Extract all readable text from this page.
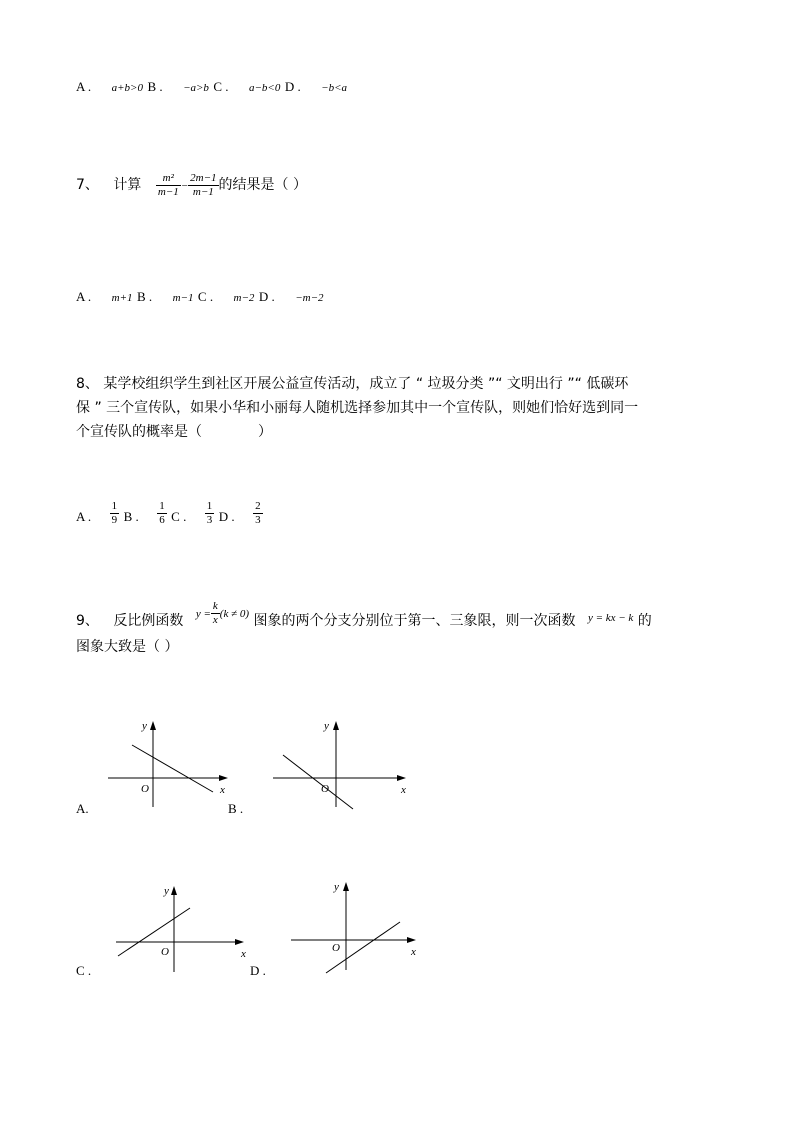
A . a+b>0 B . −a>b C . a−b<0 D . −b<a
7、 计算 $\frac{\text{m²}}{m-1} - \frac{2m-1}{m-1}$ 的结果是（ ）
A . m+1 B . m−1 C . m−2 D . −m−2
8、 某学校组织学生到社区开展公益宣传活动，成立了 “ 垃圾分类 ”“ 文明出行 ”“ 低碳环
保 ” 三个宣传队，如果小华和小丽每人随机选择参加其中一个宣传队，则她们恰好选到同一
个宣传队的概率是（　　　　）
A . $\frac{1}{9}$ B . $\frac{1}{6}$ C . $\frac{1}{3}$ D . $\frac{2}{3}$
9、 反比例函数 $y = \frac{k}{x} (k \ne 0)$ 图象的两个分支分别位于第一、三象限，则一次函数 $^{y = kx - k}$ 的
图象大致是（ ）
y
x
O
A.
y
x
O
B .
y
x
O
C .
y
x
O
D .
